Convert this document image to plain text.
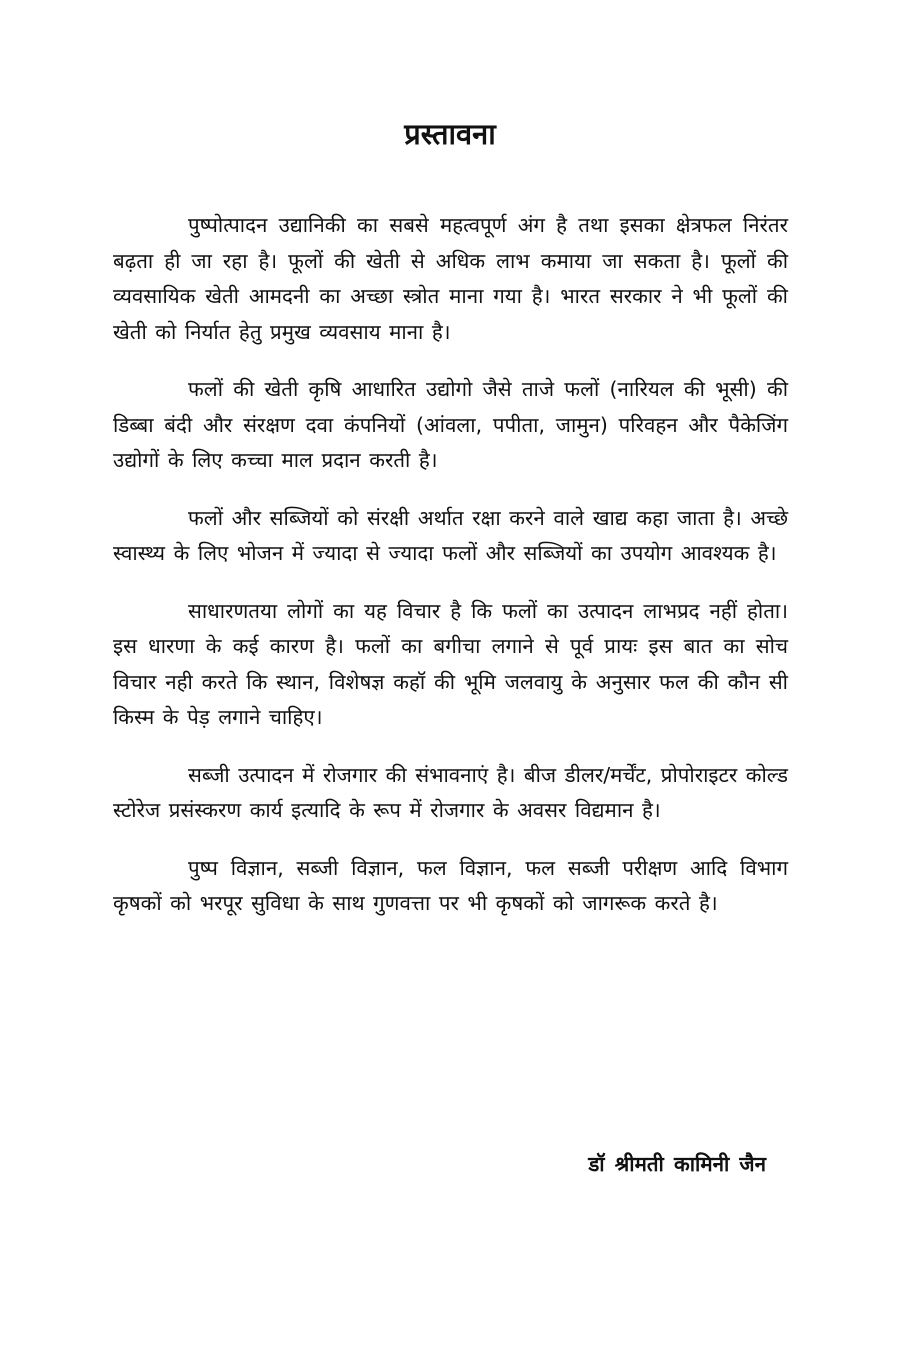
प्रस्तावना

पुष्पोत्पादन उद्यानिकी का सबसे महत्वपूर्ण अंग है तथा इसका क्षेत्रफल निरंतर बढ़ता ही जा रहा है। फूलों की खेती से अधिक लाभ कमाया जा सकता है। फूलों की व्यवसायिक खेती आमदनी का अच्छा स्त्रोत माना गया है। भारत सरकार ने भी फूलों की खेती को निर्यात हेतु प्रमुख व्यवसाय माना है।

फलों की खेती कृषि आधारित उद्योगो जैसे ताजे फलों (नारियल की भूसी) की डिब्बा बंदी और संरक्षण दवा कंपनियों (आंवला, पपीता, जामुन) परिवहन और पैकेजिंग उद्योगों के लिए कच्चा माल प्रदान करती है।

फलों और सब्जियों को संरक्षी अर्थात रक्षा करने वाले खाद्य कहा जाता है। अच्छे स्वास्थ्य के लिए भोजन में ज्यादा से ज्यादा फलों और सब्जियों का उपयोग आवश्यक है।

साधारणतया लोगों का यह विचार है कि फलों का उत्पादन लाभप्रद नहीं होता। इस धारणा के कई कारण है। फलों का बगीचा लगाने से पूर्व प्रायः इस बात का सोच विचार नही करते कि स्थान, विशेषज्ञ कहॉ की भूमि जलवायु के अनुसार फल की कौन सी किस्म के पेड़ लगाने चाहिए।

सब्जी उत्पादन में रोजगार की संभावनाएं है। बीज डीलर/मर्चेंट, प्रोपोराइटर कोल्ड स्टोरेज प्रसंस्करण कार्य इत्यादि के रूप में रोजगार के अवसर विद्यमान है।

पुष्प विज्ञान, सब्जी विज्ञान, फल विज्ञान, फल सब्जी परीक्षण आदि विभाग कृषकों को भरपूर सुविधा के साथ गुणवत्ता पर भी कृषकों को जागरूक करते है।

डॉ श्रीमती कामिनी जैन
